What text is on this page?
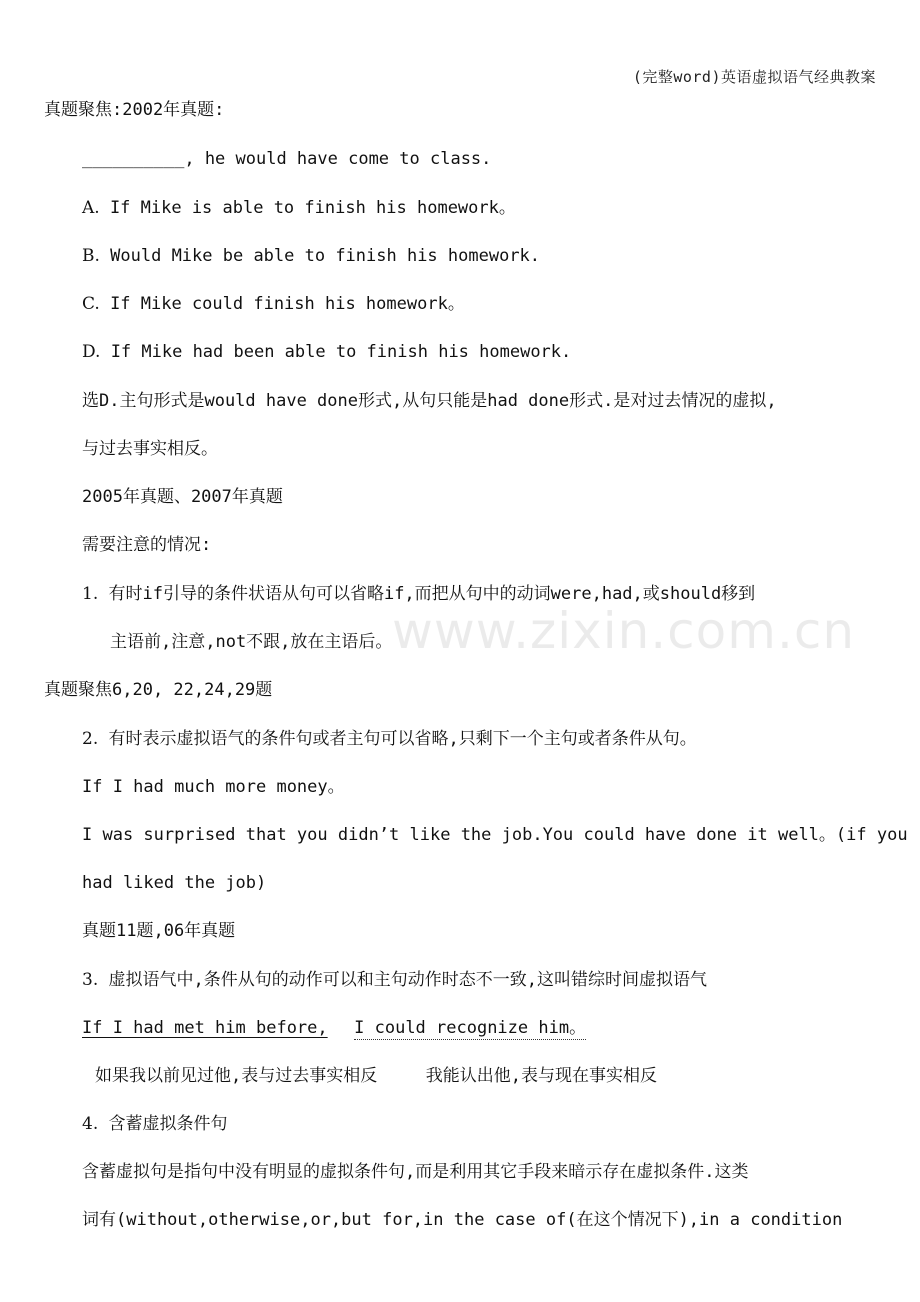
(完整word)英语虚拟语气经典教案
www.zixin.com.cn
真题聚焦:2002年真题:
__________, he would have come to class.
A. If Mike is able to finish his homework。
B. Would Mike be able to finish his homework.
C. If Mike could finish his homework。
D. If Mike had been able to finish his homework.
选D.主句形式是would have done形式,从句只能是had done形式.是对过去情况的虚拟,
与过去事实相反。
2005年真题、2007年真题
需要注意的情况:
1. 有时if引导的条件状语从句可以省略if,而把从句中的动词were,had,或should移到
主语前,注意,not不跟,放在主语后。
真题聚焦6,20, 22,24,29题
2. 有时表示虚拟语气的条件句或者主句可以省略,只剩下一个主句或者条件从句。
If I had much more money。
I was surprised that you didn’t like the job.You could have done it well。(if you
had liked the job)
真题11题,06年真题
3. 虚拟语气中,条件从句的动作可以和主句动作时态不一致,这叫错综时间虚拟语气
If I had met him before, I could recognize him。
如果我以前见过他,表与过去事实相反	我能认出他,表与现在事实相反
4. 含蓄虚拟条件句
含蓄虚拟句是指句中没有明显的虚拟条件句,而是利用其它手段来暗示存在虚拟条件.这类
词有(without,otherwise,or,but for,in the case of(在这个情况下),in a condition
